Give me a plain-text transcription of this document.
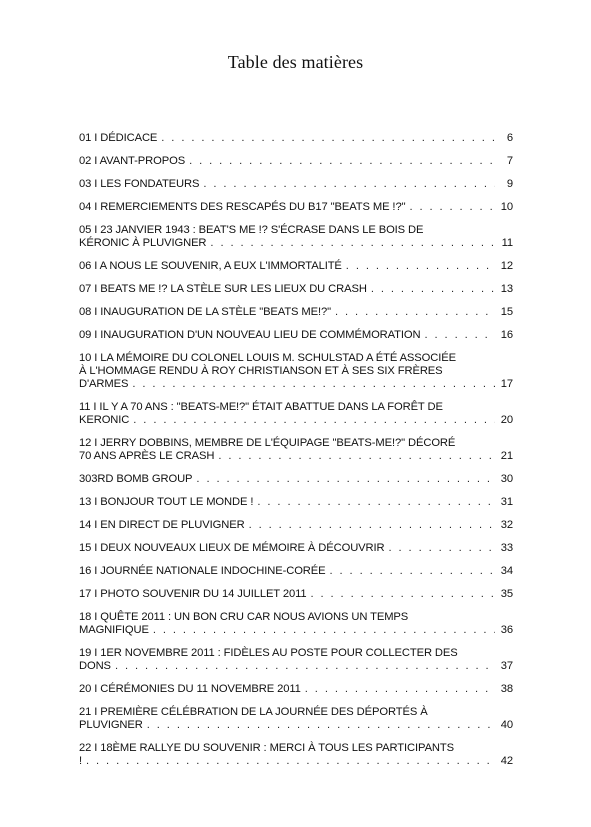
Table des matières
01 I DÉDICACE . . .	6
02 I AVANT-PROPOS . . .	7
03 I LES FONDATEURS . . .	9
04 I REMERCIEMENTS DES RESCAPÉS DU B17 "BEATS ME !?" . . .	10
05 I 23 JANVIER 1943 : BEAT'S ME !? S'ÉCRASE DANS LE BOIS DE
KÉRONIC À PLUVIGNER . . .	11
06 I A NOUS LE SOUVENIR, A EUX L'IMMORTALITÉ . . .	12
07 I BEATS ME !? LA STÈLE SUR LES LIEUX DU CRASH . . .	13
08 I INAUGURATION DE LA STÈLE "BEATS ME!?" . . .	15
09 I INAUGURATION D'UN NOUVEAU LIEU DE COMMÉMORATION . . .	16
10 I LA MÉMOIRE DU COLONEL LOUIS M. SCHULSTAD A ÉTÉ ASSOCIÉE
À L'HOMMAGE RENDU À ROY CHRISTIANSON ET À SES SIX FRÈRES
D'ARMES . . .	17
11 I IL Y A 70 ANS : "BEATS-ME!?" ÉTAIT ABATTUE DANS LA FORÊT DE
KERONIC . . .	20
12 I JERRY DOBBINS, MEMBRE DE L'ÉQUIPAGE "BEATS-ME!?" DÉCORÉ
70 ANS APRÈS LE CRASH . . .	21
303RD BOMB GROUP . . .	30
13 I BONJOUR TOUT LE MONDE ! . . .	31
14 I EN DIRECT DE PLUVIGNER . . .	32
15 I DEUX NOUVEAUX LIEUX DE MÉMOIRE À DÉCOUVRIR . . .	33
16 I JOURNÉE NATIONALE INDOCHINE-CORÉE . . .	34
17 I PHOTO SOUVENIR DU 14 JUILLET 2011 . . .	35
18 I QUÊTE 2011 : UN BON CRU CAR NOUS AVIONS UN TEMPS
MAGNIFIQUE . . .	36
19 I 1ER NOVEMBRE 2011 : FIDÈLES AU POSTE POUR COLLECTER DES
DONS . . .	37
20 I CÉRÉMONIES DU 11 NOVEMBRE 2011 . . .	38
21 I PREMIÈRE CÉLÉBRATION DE LA JOURNÉE DES DÉPORTÉS À
PLUVIGNER . . .	40
22 I 18ÈME RALLYE DU SOUVENIR : MERCI À TOUS LES PARTICIPANTS
! . . .	42
